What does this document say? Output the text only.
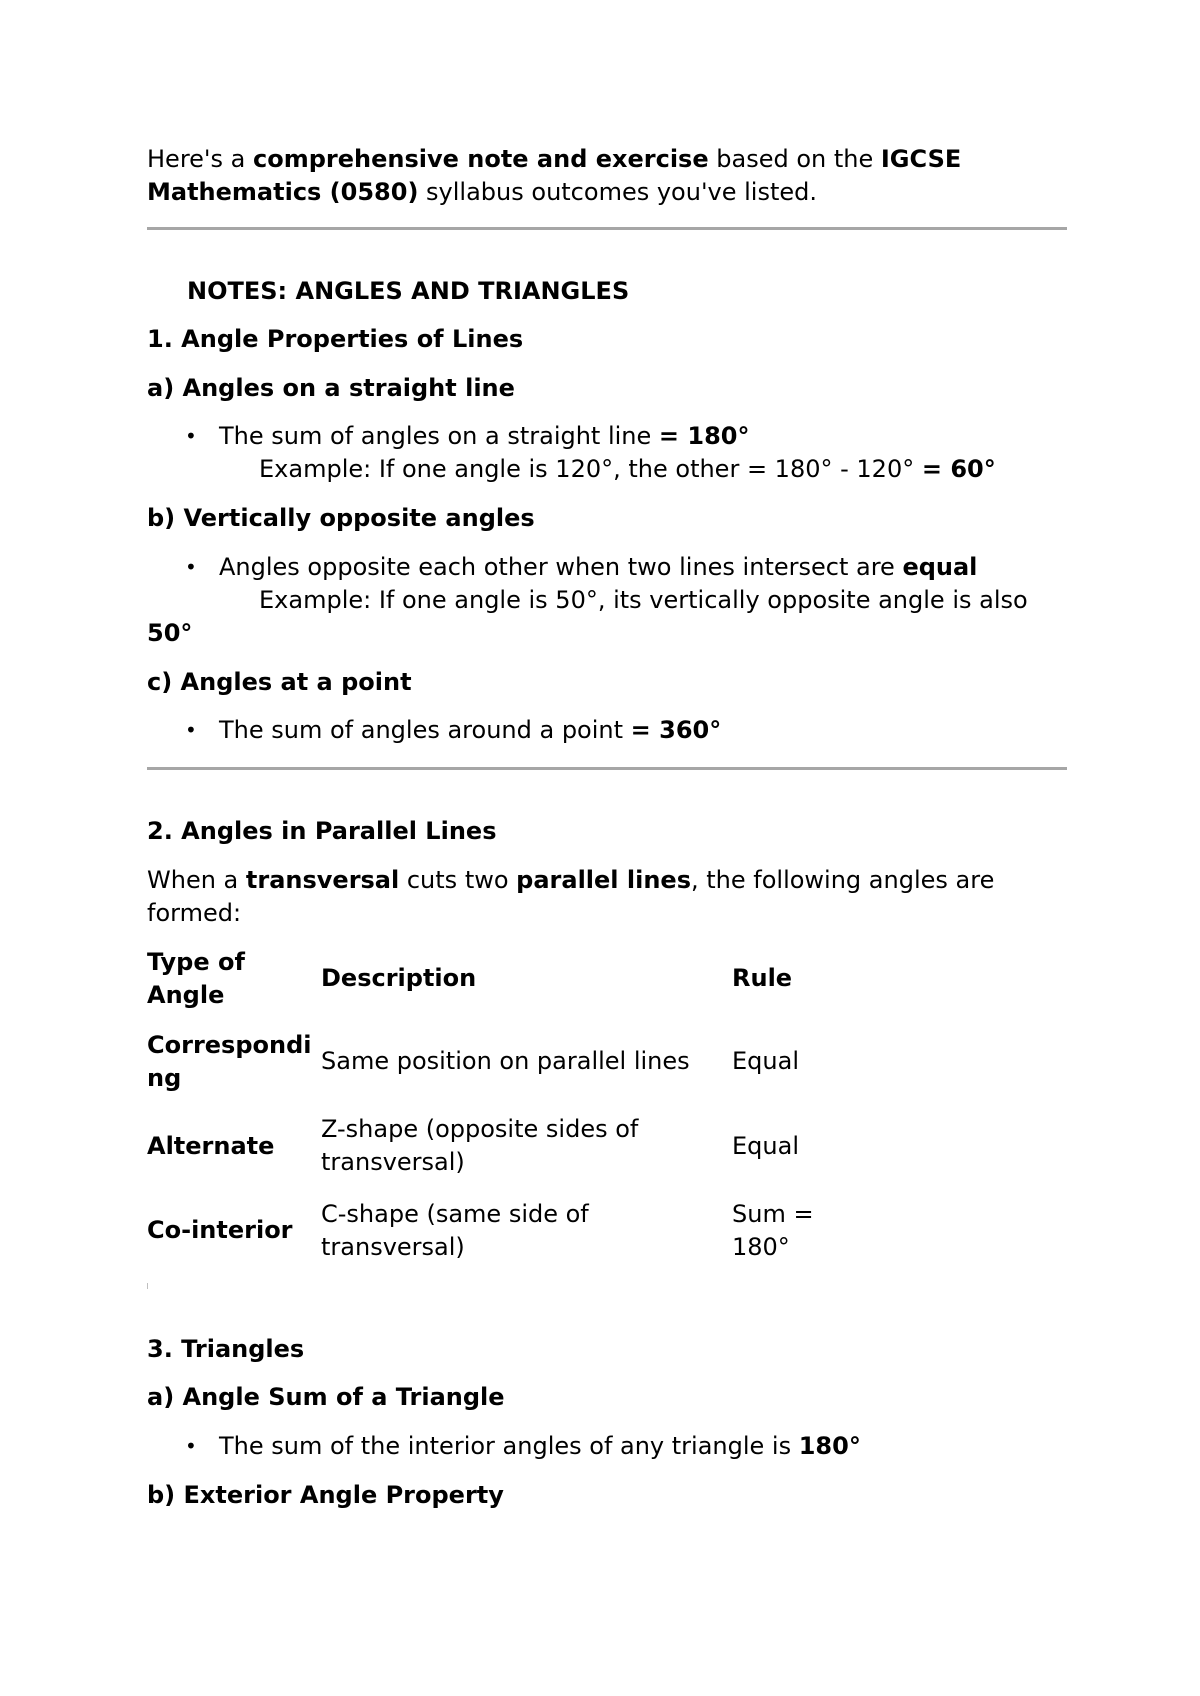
Here's a comprehensive note and exercise based on the IGCSE
Mathematics (0580) syllabus outcomes you've listed.
NOTES: ANGLES AND TRIANGLES
1. Angle Properties of Lines
a) Angles on a straight line
• The sum of angles on a straight line = 180°
Example: If one angle is 120°, the other = 180° - 120° = 60°
b) Vertically opposite angles
• Angles opposite each other when two lines intersect are equal
Example: If one angle is 50°, its vertically opposite angle is also
50°
c) Angles at a point
• The sum of angles around a point = 360°
2. Angles in Parallel Lines
When a transversal cuts two parallel lines, the following angles are
formed:
Type of
Angle
Description	Rule
Correspondi
ng
Same position on parallel lines Equal
Alternate
Z-shape (opposite sides of
transversal)
Equal
Co-interior
C-shape (same side of
transversal)
Sum =
180°
3. Triangles
a) Angle Sum of a Triangle
• The sum of the interior angles of any triangle is 180°
b) Exterior Angle Property
